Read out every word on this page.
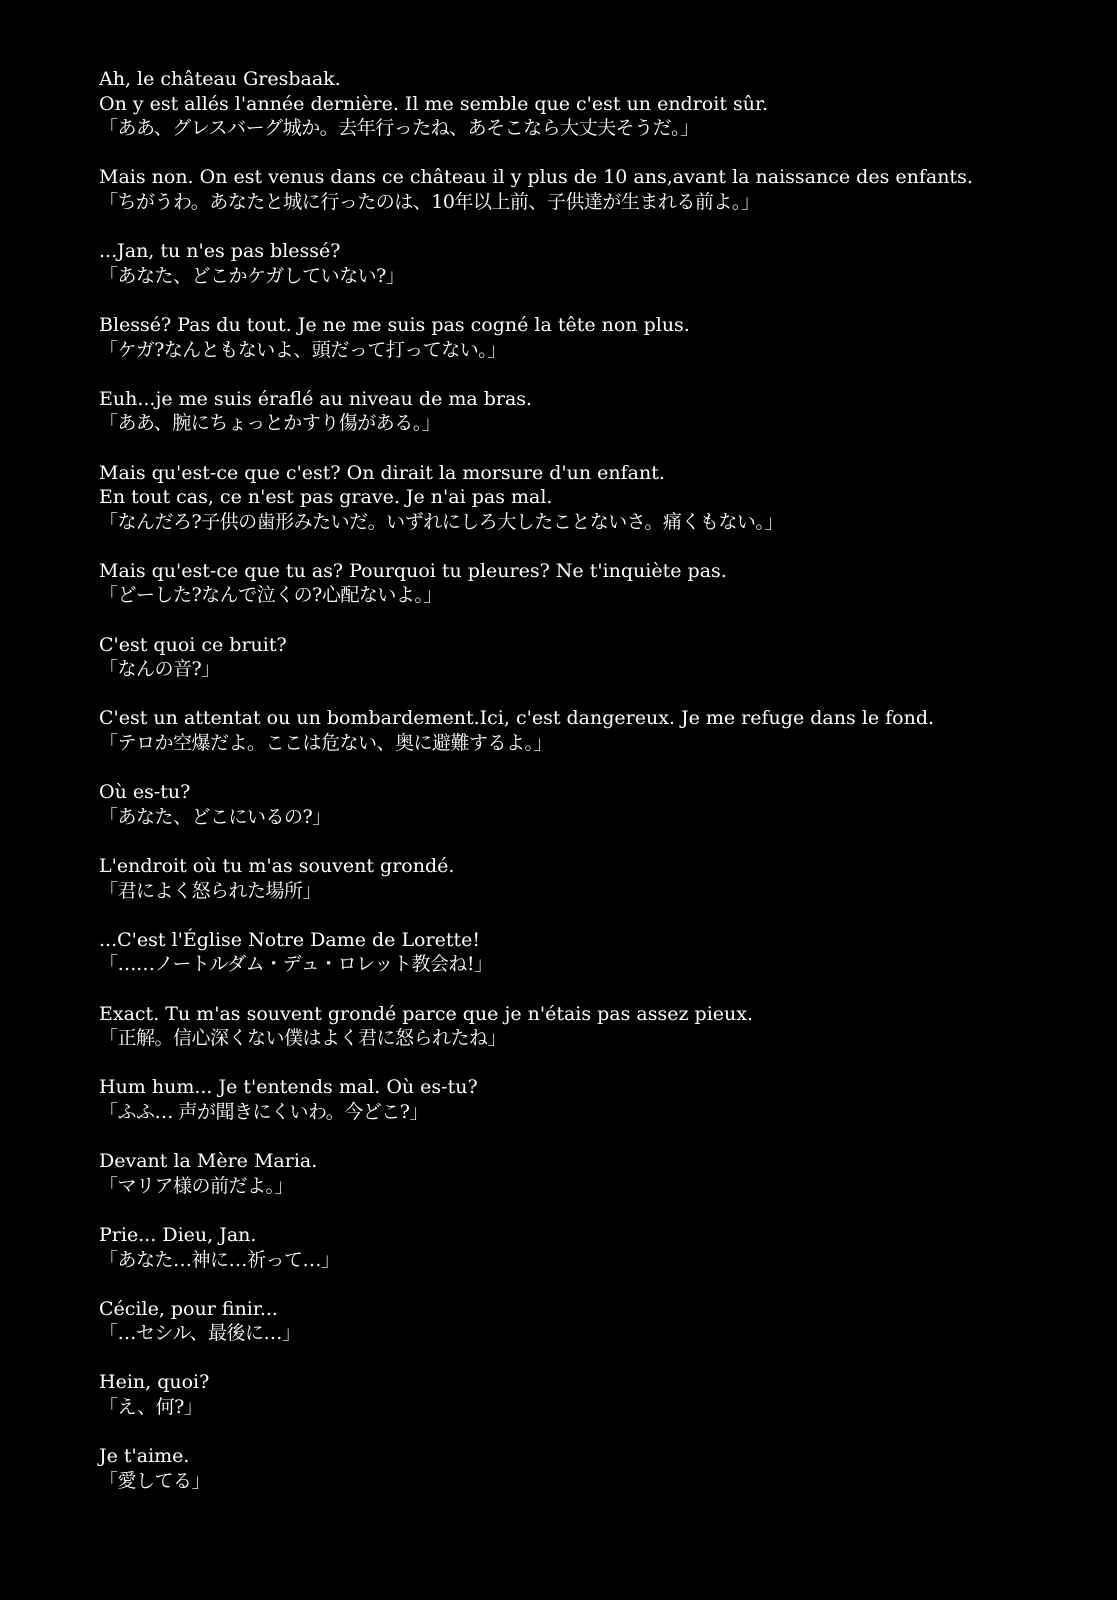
Ah, le château Gresbaak.
On y est allés l'année dernière. Il me semble que c'est un endroit sûr.
「ああ、グレスバーグ城か。去年行ったね、あそこなら大丈夫そうだ。」
Mais non. On est venus dans ce château il y plus de 10 ans,avant la naissance des enfants.
「ちがうわ。あなたと城に行ったのは、10年以上前、子供達が生まれる前よ。」
...Jan, tu n'es pas blessé?
「あなた、どこかケガしていない?」
Blessé? Pas du tout. Je ne me suis pas cogné la tête non plus.
「ケガ?なんともないよ、頭だって打ってない。」
Euh...je me suis éraflé au niveau de ma bras.
「ああ、腕にちょっとかすり傷がある。」
Mais qu'est-ce que c'est? On dirait la morsure d'un enfant.
En tout cas, ce n'est pas grave. Je n'ai pas mal.
「なんだろ?子供の歯形みたいだ。いずれにしろ大したことないさ。痛くもない。」
Mais qu'est-ce que tu as? Pourquoi tu pleures? Ne t'inquiète pas.
「どーした?なんで泣くの?心配ないよ。」
C'est quoi ce bruit?
「なんの音?」
C'est un attentat ou un bombardement.Ici, c'est dangereux. Je me refuge dans le fond.
「テロか空爆だよ。ここは危ない、奥に避難するよ。」
Où es-tu?
「あなた、どこにいるの?」
L'endroit où tu m'as souvent grondé.
「君によく怒られた場所」
...C'est l'Église Notre Dame de Lorette!
「……ノートルダム・デュ・ロレット教会ね!」
Exact. Tu m'as souvent grondé parce que je n'étais pas assez pieux.
「正解。信心深くない僕はよく君に怒られたね」
Hum hum... Je t'entends mal. Où es-tu?
「ふふ… 声が聞きにくいわ。今どこ?」
Devant la Mère Maria.
「マリア様の前だよ。」
Prie... Dieu, Jan.
「あなた…神に…祈って…」
Cécile, pour finir...
「…セシル、最後に…」
Hein, quoi?
「え、何?」
Je t'aime.
「愛してる」
